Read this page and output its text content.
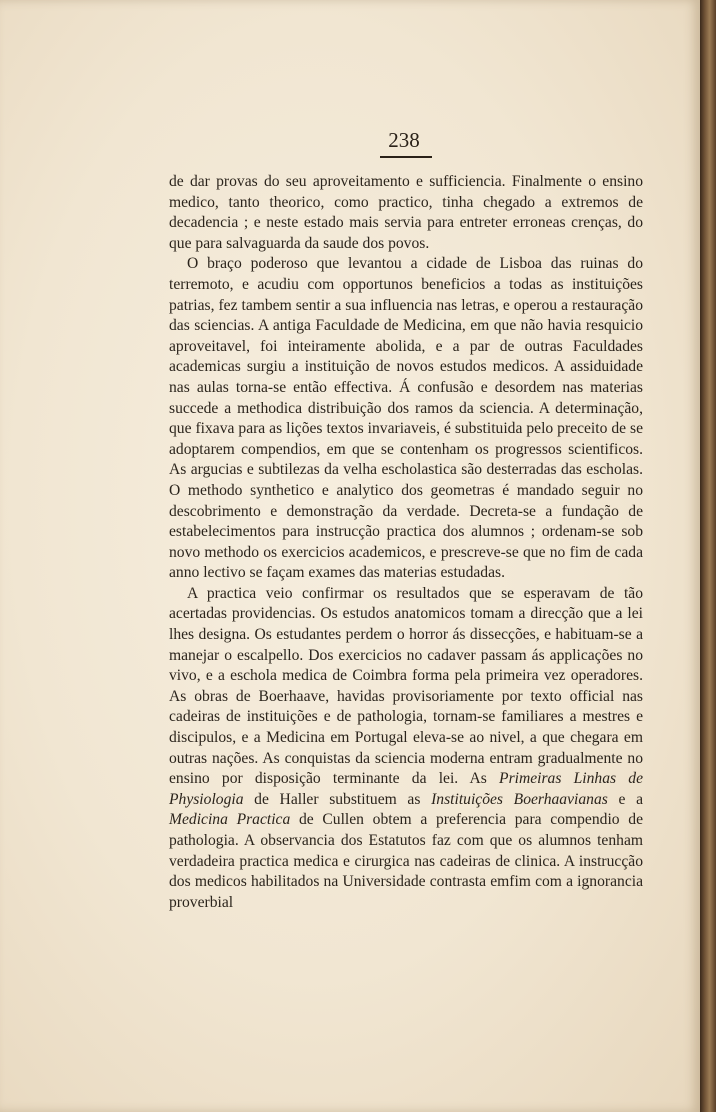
238

de dar provas do seu aproveitamento e sufficiencia. Finalmente o ensino medico, tanto theorico, como practico, tinha chegado a extremos de decadencia ; e neste estado mais servia para entreter erroneas crenças, do que para salvaguarda da saude dos povos.

O braço poderoso que levantou a cidade de Lisboa das ruinas do terremoto, e acudiu com opportunos beneficios a todas as instituições patrias, fez tambem sentir a sua influencia nas letras, e operou a restauração das sciencias. A antiga Faculdade de Medicina, em que não havia resquicio aproveitavel, foi inteiramente abolida, e a par de outras Faculdades academicas surgiu a instituição de novos estudos medicos. A assiduidade nas aulas torna-se então effectiva. Á confusão e desordem nas materias succede a methodica distribuição dos ramos da sciencia. A determinação, que fixava para as lições textos invariaveis, é substituida pelo preceito de se adoptarem compendios, em que se contenham os progressos scientificos. As argucias e subtilezas da velha escholastica são desterradas das escholas. O methodo synthetico e analytico dos geometras é mandado seguir no descobrimento e demonstração da verdade. Decreta-se a fundação de estabelecimentos para instrucção practica dos alumnos ; ordenam-se sob novo methodo os exercicios academicos, e prescreve-se que no fim de cada anno lectivo se façam exames das materias estudadas.

A practica veio confirmar os resultados que se esperavam de tão acertadas providencias. Os estudos anatomicos tomam a direcção que a lei lhes designa. Os estudantes perdem o horror ás dissecções, e habituam-se a manejar o escalpello. Dos exercicios no cadaver passam ás applicações no vivo, e a eschola medica de Coimbra forma pela primeira vez operadores. As obras de Boerhaave, havidas provisoriamente por texto official nas cadeiras de instituições e de pathologia, tornam-se familiares a mestres e discipulos, e a Medicina em Portugal eleva-se ao nivel, a que chegara em outras nações. As conquistas da sciencia moderna entram gradualmente no ensino por disposição terminante da lei. As Primeiras Linhas de Physiologia de Haller substituem as Instituições Boerhaavianas e a Medicina Practica de Cullen obtem a preferencia para compendio de pathologia. A observancia dos Estatutos faz com que os alumnos tenham verdadeira practica medica e cirurgica nas cadeiras de clinica. A instrucção dos medicos habilitados na Universidade contrasta emfim com a ignorancia proverbial
